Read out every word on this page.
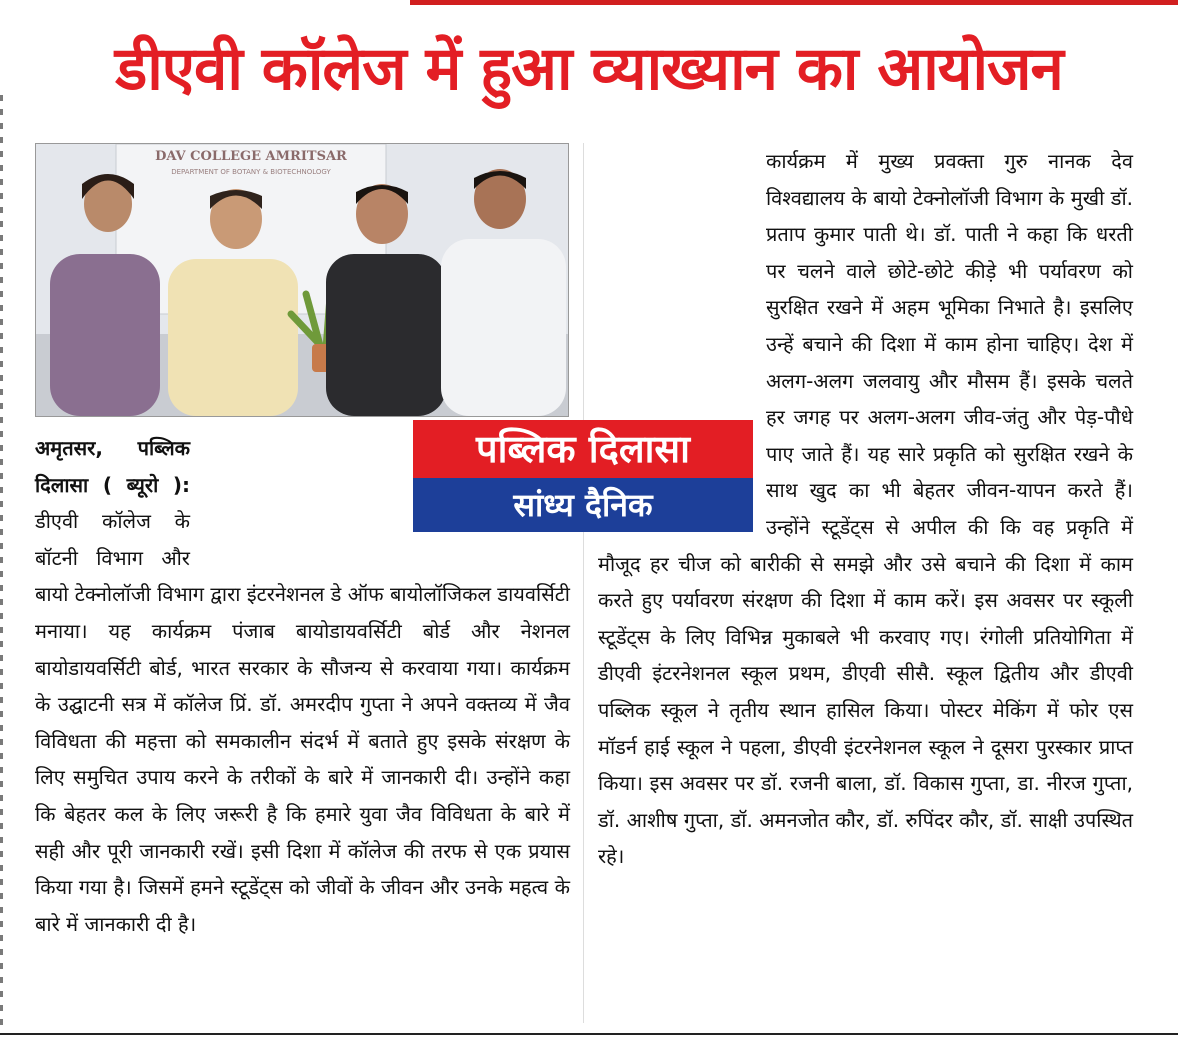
डीएवी कॉलेज में हुआ व्याख्यान का आयोजन
DAV COLLEGE AMRITSAR
DEPARTMENT OF BOTANY & BIOTECHNOLOGY

अमृतसर, पब्लिक दिलासा ( ब्यूरो ): डीएवी कॉलेज के बॉटनी विभाग और बायो टेक्नोलॉजी विभाग द्वारा इंटरनेशनल डे ऑफ बायोलॉजिकल डायवर्सिटी मनाया। यह कार्यक्रम पंजाब बायोडायवर्सिटी बोर्ड और नेशनल बायोडायवर्सिटी बोर्ड, भारत सरकार के सौजन्य से करवाया गया। कार्यक्रम के उद्घाटनी सत्र में कॉलेज प्रिं. डॉ. अमरदीप गुप्ता ने अपने वक्तव्य में जैव विविधता की महत्ता को समकालीन संदर्भ में बताते हुए इसके संरक्षण के लिए समुचित उपाय करने के तरीकों के बारे में जानकारी दी। उन्होंने कहा कि बेहतर कल के लिए जरूरी है कि हमारे युवा जैव विविधता के बारे में सही और पूरी जानकारी रखें। इसी दिशा में कॉलेज की तरफ से एक प्रयास किया गया है। जिसमें हमने स्टूडेंट्स को जीवों के जीवन और उनके महत्व के बारे में जानकारी दी है।

कार्यक्रम में मुख्य प्रवक्ता गुरु नानक देव विश्वद्यालय के बायो टेक्नोलॉजी विभाग के मुखी डॉ. प्रताप कुमार पाती थे। डॉ. पाती ने कहा कि धरती पर चलने वाले छोटे-छोटे कीड़े भी पर्यावरण को सुरक्षित रखने में अहम भूमिका निभाते है। इसलिए उन्हें बचाने की दिशा में काम होना चाहिए। देश में अलग-अलग जलवायु और मौसम हैं। इसके चलते हर जगह पर अलग-अलग जीव-जंतु और पेड़-पौधे पाए जाते हैं। यह सारे प्रकृति को सुरक्षित रखने के साथ खुद का भी बेहतर जीवन-यापन करते हैं। उन्होंने स्टूडेंट्स से अपील की कि वह प्रकृति में मौजूद हर चीज को बारीकी से समझे और उसे बचाने की दिशा में काम करते हुए पर्यावरण संरक्षण की दिशा में काम करें। इस अवसर पर स्कूली स्टूडेंट्स के लिए विभिन्न मुकाबले भी करवाए गए। रंगोली प्रतियोगिता में डीएवी इंटरनेशनल स्कूल प्रथम, डीएवी सीसै. स्कूल द्वितीय और डीएवी पब्लिक स्कूल ने तृतीय स्थान हासिल किया। पोस्टर मेकिंग में फोर एस मॉडर्न हाई स्कूल ने पहला, डीएवी इंटरनेशनल स्कूल ने दूसरा पुरस्कार प्राप्त किया। इस अवसर पर डॉ. रजनी बाला, डॉ. विकास गुप्ता, डा. नीरज गुप्ता, डॉ. आशीष गुप्ता, डॉ. अमनजोत कौर, डॉ. रुपिंदर कौर, डॉ. साक्षी उपस्थित रहे।

पब्लिक दिलासा
सांध्य दैनिक
